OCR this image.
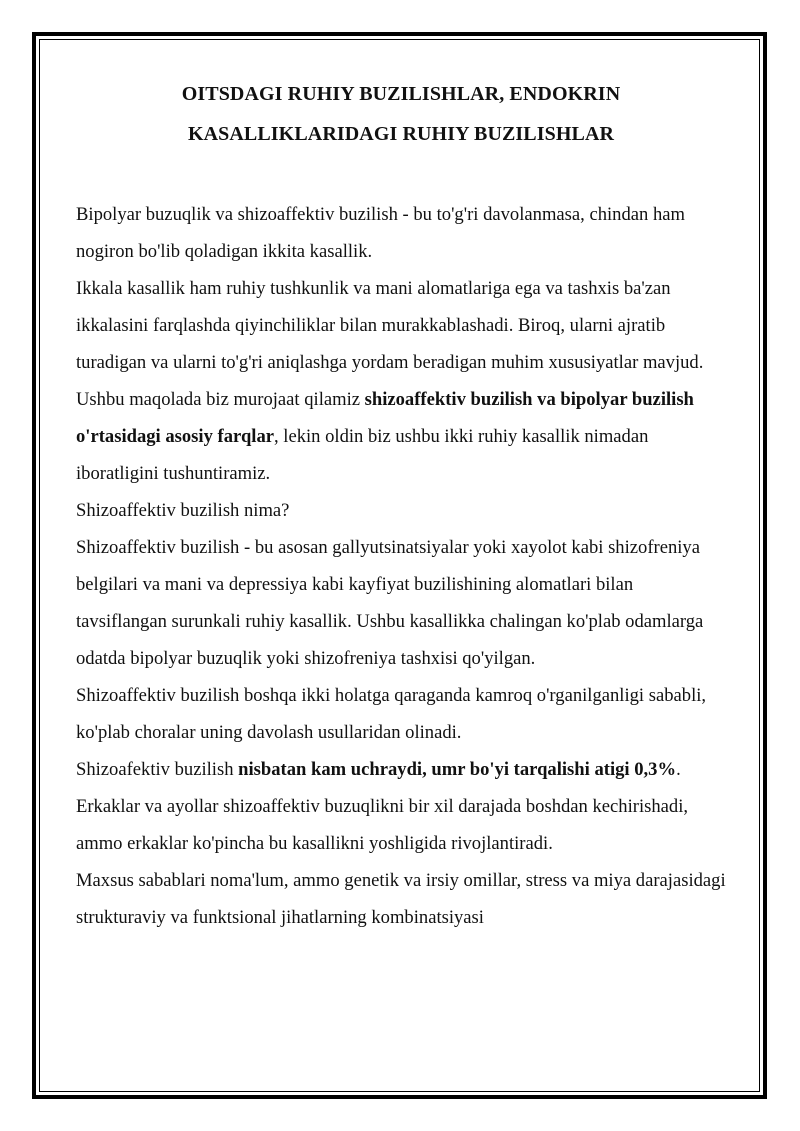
OITSDAGI RUHIY BUZILISHLAR, ENDOKRIN
KASALLIKLARIDAGI RUHIY BUZILISHLAR

Bipolyar buzuqlik va shizoaffektiv buzilish - bu to'g'ri davolanmasa, chindan ham nogiron bo'lib qoladigan ikkita kasallik.

Ikkala kasallik ham ruhiy tushkunlik va mani alomatlariga ega va tashxis ba'zan ikkalasini farqlashda qiyinchiliklar bilan murakkablashadi. Biroq, ularni ajratib turadigan va ularni to'g'ri aniqlashga yordam beradigan muhim xususiyatlar mavjud.

Ushbu maqolada biz murojaat qilamiz shizoaffektiv buzilish va bipolyar buzilish o'rtasidagi asosiy farqlar, lekin oldin biz ushbu ikki ruhiy kasallik nimadan iboratligini tushuntiramiz.

Shizoaffektiv buzilish nima?

Shizoaffektiv buzilish - bu asosan gallyutsinatsiyalar yoki xayolot kabi shizofreniya belgilari va mani va depressiya kabi kayfiyat buzilishining alomatlari bilan tavsiflangan surunkali ruhiy kasallik. Ushbu kasallikka chalingan ko'plab odamlarga odatda bipolyar buzuqlik yoki shizofreniya tashxisi qo'yilgan.

Shizoaffektiv buzilish boshqa ikki holatga qaraganda kamroq o'rganilganligi sababli, ko'plab choralar uning davolash usullaridan olinadi.

Shizoafektiv buzilish nisbatan kam uchraydi, umr bo'yi tarqalishi atigi 0,3%. Erkaklar va ayollar shizoaffektiv buzuqlikni bir xil darajada boshdan kechirishadi, ammo erkaklar ko'pincha bu kasallikni yoshligida rivojlantiradi.

Maxsus sabablari noma'lum, ammo genetik va irsiy omillar, stress va miya darajasidagi strukturaviy va funktsional jihatlarning kombinatsiyasi
